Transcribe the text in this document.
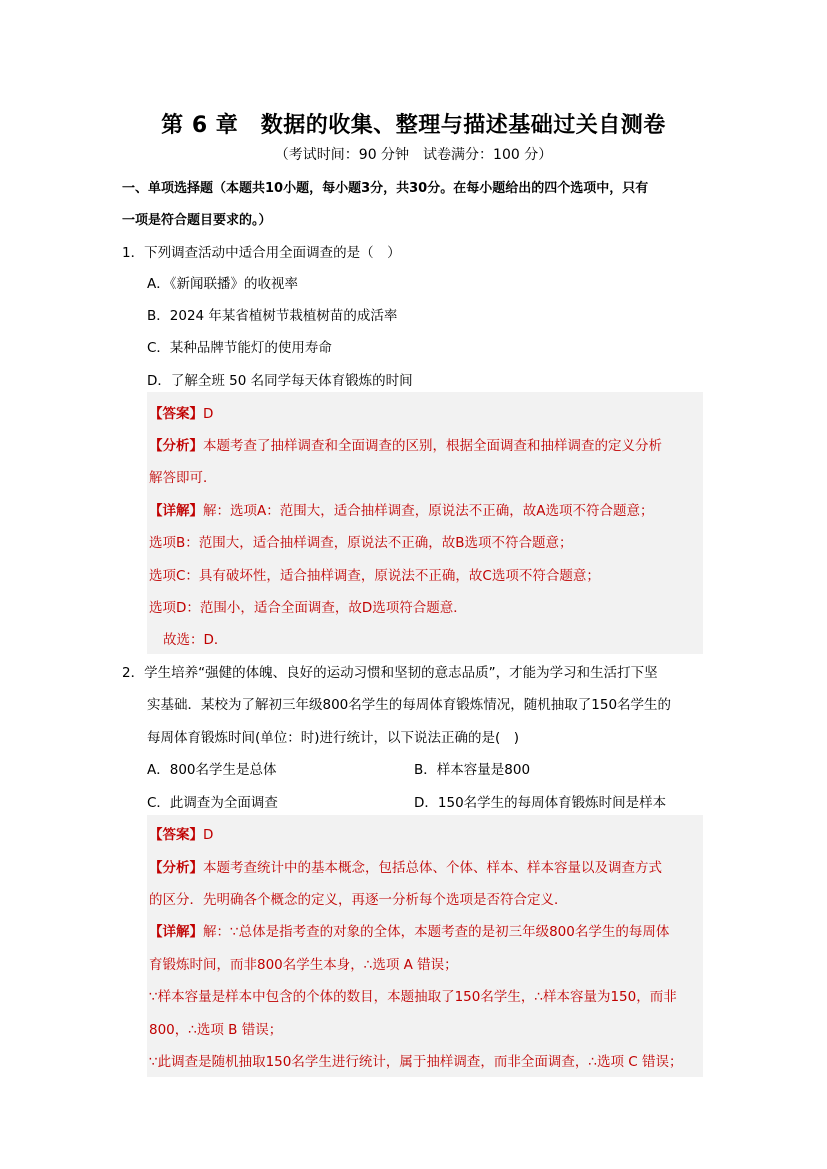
第 6 章　数据的收集、整理与描述基础过关自测卷
（考试时间：90 分钟　试卷满分：100 分）
一、单项选择题（本题共10小题，每小题3分，共30分。在每小题给出的四个选项中，只有
一项是符合题目要求的。）
1．下列调查活动中适合用全面调查的是（　）
A．《新闻联播》的收视率
B．2024 年某省植树节栽植树苗的成活率
C．某种品牌节能灯的使用寿命
D．了解全班 50 名同学每天体育锻炼的时间
【答案】D
【分析】本题考查了抽样调查和全面调查的区别，根据全面调查和抽样调查的定义分析
解答即可．
【详解】解：选项A：范围大，适合抽样调查，原说法不正确，故A选项不符合题意；
选项B：范围大，适合抽样调查，原说法不正确，故B选项不符合题意；
选项C：具有破坏性，适合抽样调查，原说法不正确，故C选项不符合题意；
选项D：范围小，适合全面调查，故D选项符合题意．
故选：D．
2．学生培养“强健的体魄、良好的运动习惯和坚韧的意志品质”，才能为学习和生活打下坚
实基础．某校为了解初三年级800名学生的每周体育锻炼情况，随机抽取了150名学生的
每周体育锻炼时间(单位：时)进行统计，以下说法正确的是(　)
A．800名学生是总体	B．样本容量是800
C．此调查为全面调查	D．150名学生的每周体育锻炼时间是样本
【答案】D
【分析】本题考查统计中的基本概念，包括总体、个体、样本、样本容量以及调查方式
的区分．先明确各个概念的定义，再逐一分析每个选项是否符合定义．
【详解】解：∵总体是指考查的对象的全体，本题考查的是初三年级800名学生的每周体
育锻炼时间，而非800名学生本身，∴选项 A 错误；
∵样本容量是样本中包含的个体的数目，本题抽取了150名学生，∴样本容量为150，而非
800，∴选项 B 错误；
∵此调查是随机抽取150名学生进行统计，属于抽样调查，而非全面调查，∴选项 C 错误；
